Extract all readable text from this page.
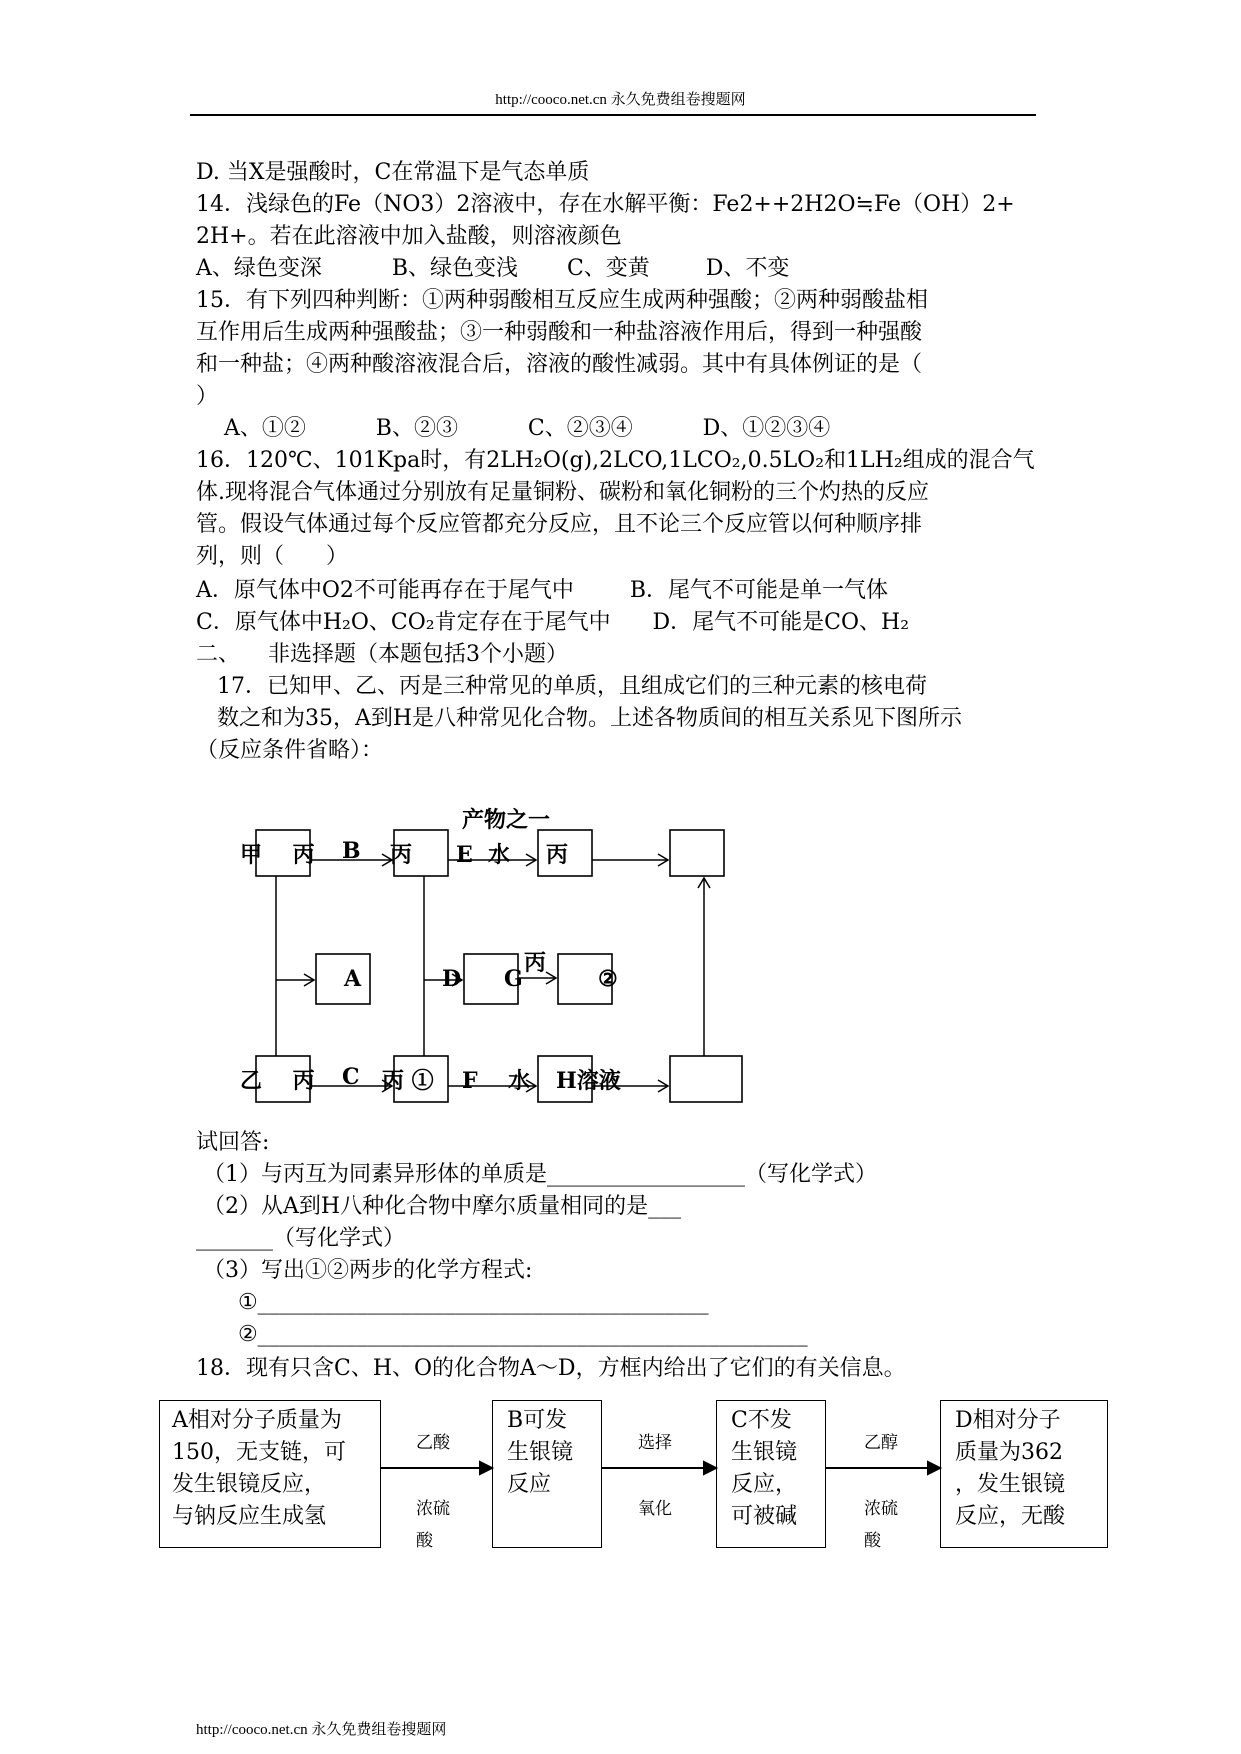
http://cooco.net.cn 永久免费组卷搜题网
D. 当X是强酸时，C在常温下是气态单质
14．浅绿色的Fe（NO3）2溶液中，存在水解平衡：Fe2++2H2O≒Fe（OH）2+
2H+。若在此溶液中加入盐酸，则溶液颜色
A、绿色变深          B、绿色变浅       C、变黄        D、不变
15．有下列四种判断：①两种弱酸相互反应生成两种强酸；②两种弱酸盐相
互作用后生成两种强酸盐；③一种弱酸和一种盐溶液作用后，得到一种强酸
和一种盐；④两种酸溶液混合后，溶液的酸性减弱。其中有具体例证的是（
）
A、①②          B、②③          C、②③④          D、①②③④
16．120℃、101Kpa时，有2LH₂O(g),2LCO,1LCO₂,0.5LO₂和1LH₂组成的混合气
体.现将混合气体通过分别放有足量铜粉、碳粉和氧化铜粉的三个灼热的反应
管。假设气体通过每个反应管都充分反应，且不论三个反应管以何种顺序排
列，则（      ）
A．原气体中O2不可能再存在于尾气中        B．尾气不可能是单一气体
C．原气体中H₂O、CO₂肯定存在于尾气中      D．尾气不可能是CO、H₂
二、    非选择题（本题包括3个小题）
17．已知甲、乙、丙是三种常见的单质，且组成它们的三种元素的核电荷
数之和为35，A到H是八种常见化合物。上述各物质间的相互关系见下图所示
（反应条件省略）：
产物之一
甲    丙 B 丙 E  水 丙
A	D G
丙
②
乙    丙 C 丙 ① F    水 H溶液
试回答:
（1）与丙互为同素异形体的单质是__________________（写化学式）
（2）从A到H八种化合物中摩尔质量相同的是___
_______（写化学式）
（3）写出①②两步的化学方程式:
①_________________________________________
②__________________________________________________
18．现有只含C、H、O的化合物A～D，方框内给出了它们的有关信息。
A相对分子质量为
150，无支链，可
发生银镜反应，
与钠反应生成氢
B可发
生银镜
反应
C不发
生银镜
反应，
可被碱
D相对分子
质量为362
，发生银镜
反应，无酸
乙酸
浓硫
酸
选择
氧化
乙醇
浓硫
酸
http://cooco.net.cn 永久免费组卷搜题网
